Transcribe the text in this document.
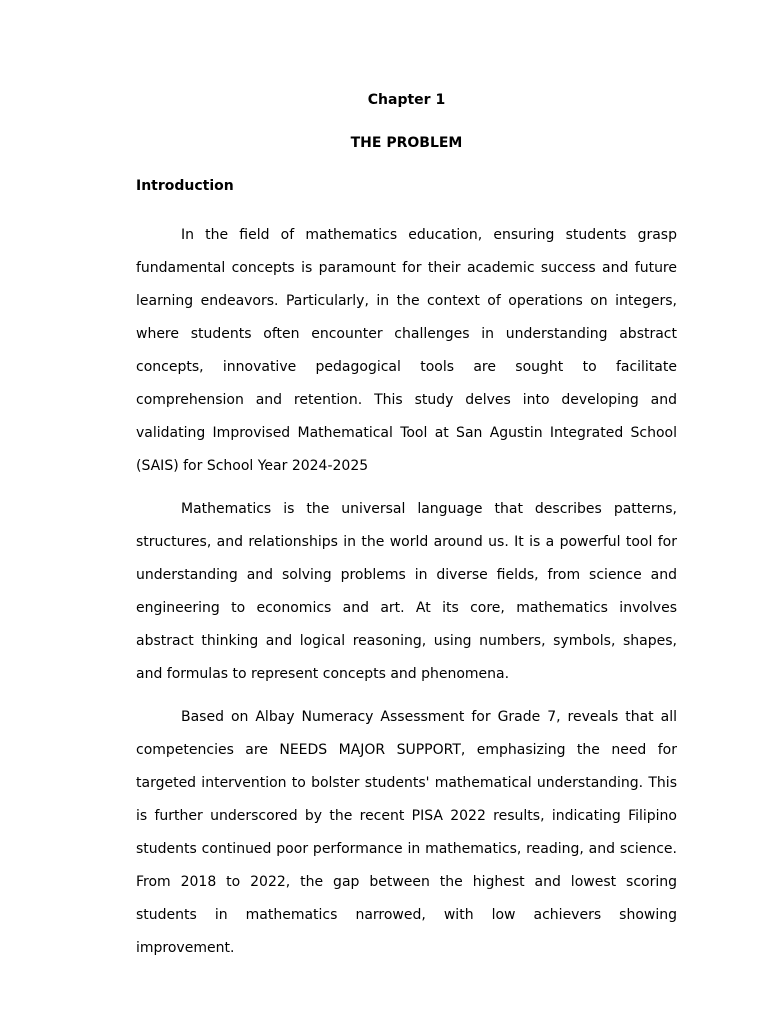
Chapter 1

THE PROBLEM

Introduction

In the field of mathematics education, ensuring students grasp fundamental concepts is paramount for their academic success and future learning endeavors. Particularly, in the context of operations on integers, where students often encounter challenges in understanding abstract concepts, innovative pedagogical tools are sought to facilitate comprehension and retention. This study delves into developing and validating Improvised Mathematical Tool at San Agustin Integrated School (SAIS) for School Year 2024-2025

Mathematics is the universal language that describes patterns, structures, and relationships in the world around us. It is a powerful tool for understanding and solving problems in diverse fields, from science and engineering to economics and art. At its core, mathematics involves abstract thinking and logical reasoning, using numbers, symbols, shapes, and formulas to represent concepts and phenomena.

Based on Albay Numeracy Assessment for Grade 7, reveals that all competencies are NEEDS MAJOR SUPPORT, emphasizing the need for targeted intervention to bolster students' mathematical understanding. This is further underscored by the recent PISA 2022 results, indicating Filipino students continued poor performance in mathematics, reading, and science. From 2018 to 2022, the gap between the highest and lowest scoring students in mathematics narrowed, with low achievers showing improvement.
